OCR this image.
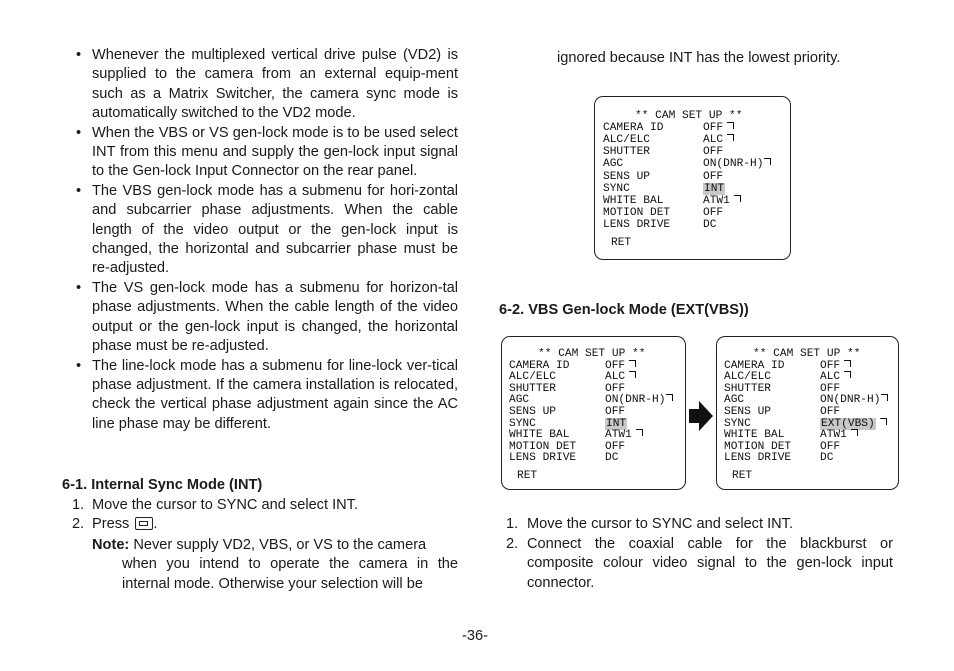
• Whenever the multiplexed vertical drive pulse (VD2) is supplied to the camera from an external equip-ment such as a Matrix Switcher, the camera sync mode is automatically switched to the VD2 mode.
• When the VBS or VS gen-lock mode is to be used select INT from this menu and supply the gen-lock input signal to the Gen-lock Input Connector on the rear panel.
• The VBS gen-lock mode has a submenu for hori-zontal and subcarrier phase adjustments. When the cable length of the video output or the gen-lock input is changed, the horizontal and subcarrier phase must be re-adjusted.
• The VS gen-lock mode has a submenu for horizon-tal phase adjustments. When the cable length of the video output or the gen-lock input is changed, the horizontal phase must be re-adjusted.
• The line-lock mode has a submenu for line-lock ver-tical phase adjustment. If the camera installation is relocated, check the vertical phase adjustment again since the AC line phase may be different.
6-1. Internal Sync Mode (INT)
1. Move the cursor to SYNC and select INT.
2. Press .
Note: Never supply VD2, VBS, or VS to the camera
when you intend to operate the camera in the internal mode. Otherwise your selection will be
ignored because INT has the lowest priority.
** CAM SET UP **
CAMERA ID	OFF
ALC/ELC	ALC
SHUTTER	OFF
AGC	ON(DNR-H)
SENS UP	OFF
SYNC	INT
WHITE BAL	ATW1
MOTION DET	OFF
LENS DRIVE	DC
RET
6-2. VBS Gen-lock Mode (EXT(VBS))
** CAM SET UP **
CAMERA ID	OFF
ALC/ELC	ALC
SHUTTER	OFF
AGC	ON(DNR-H)
SENS UP	OFF
SYNC	INT
WHITE BAL	ATW1
MOTION DET	OFF
LENS DRIVE	DC
RET
** CAM SET UP **
CAMERA ID	OFF
ALC/ELC	ALC
SHUTTER	OFF
AGC	ON(DNR-H)
SENS UP	OFF
SYNC	EXT(VBS)
WHITE BAL	ATW1
MOTION DET	OFF
LENS DRIVE	DC
RET
1. Move the cursor to SYNC and select INT.
2. Connect the coaxial cable for the blackburst or composite colour video signal to the gen-lock input connector.
-36-
